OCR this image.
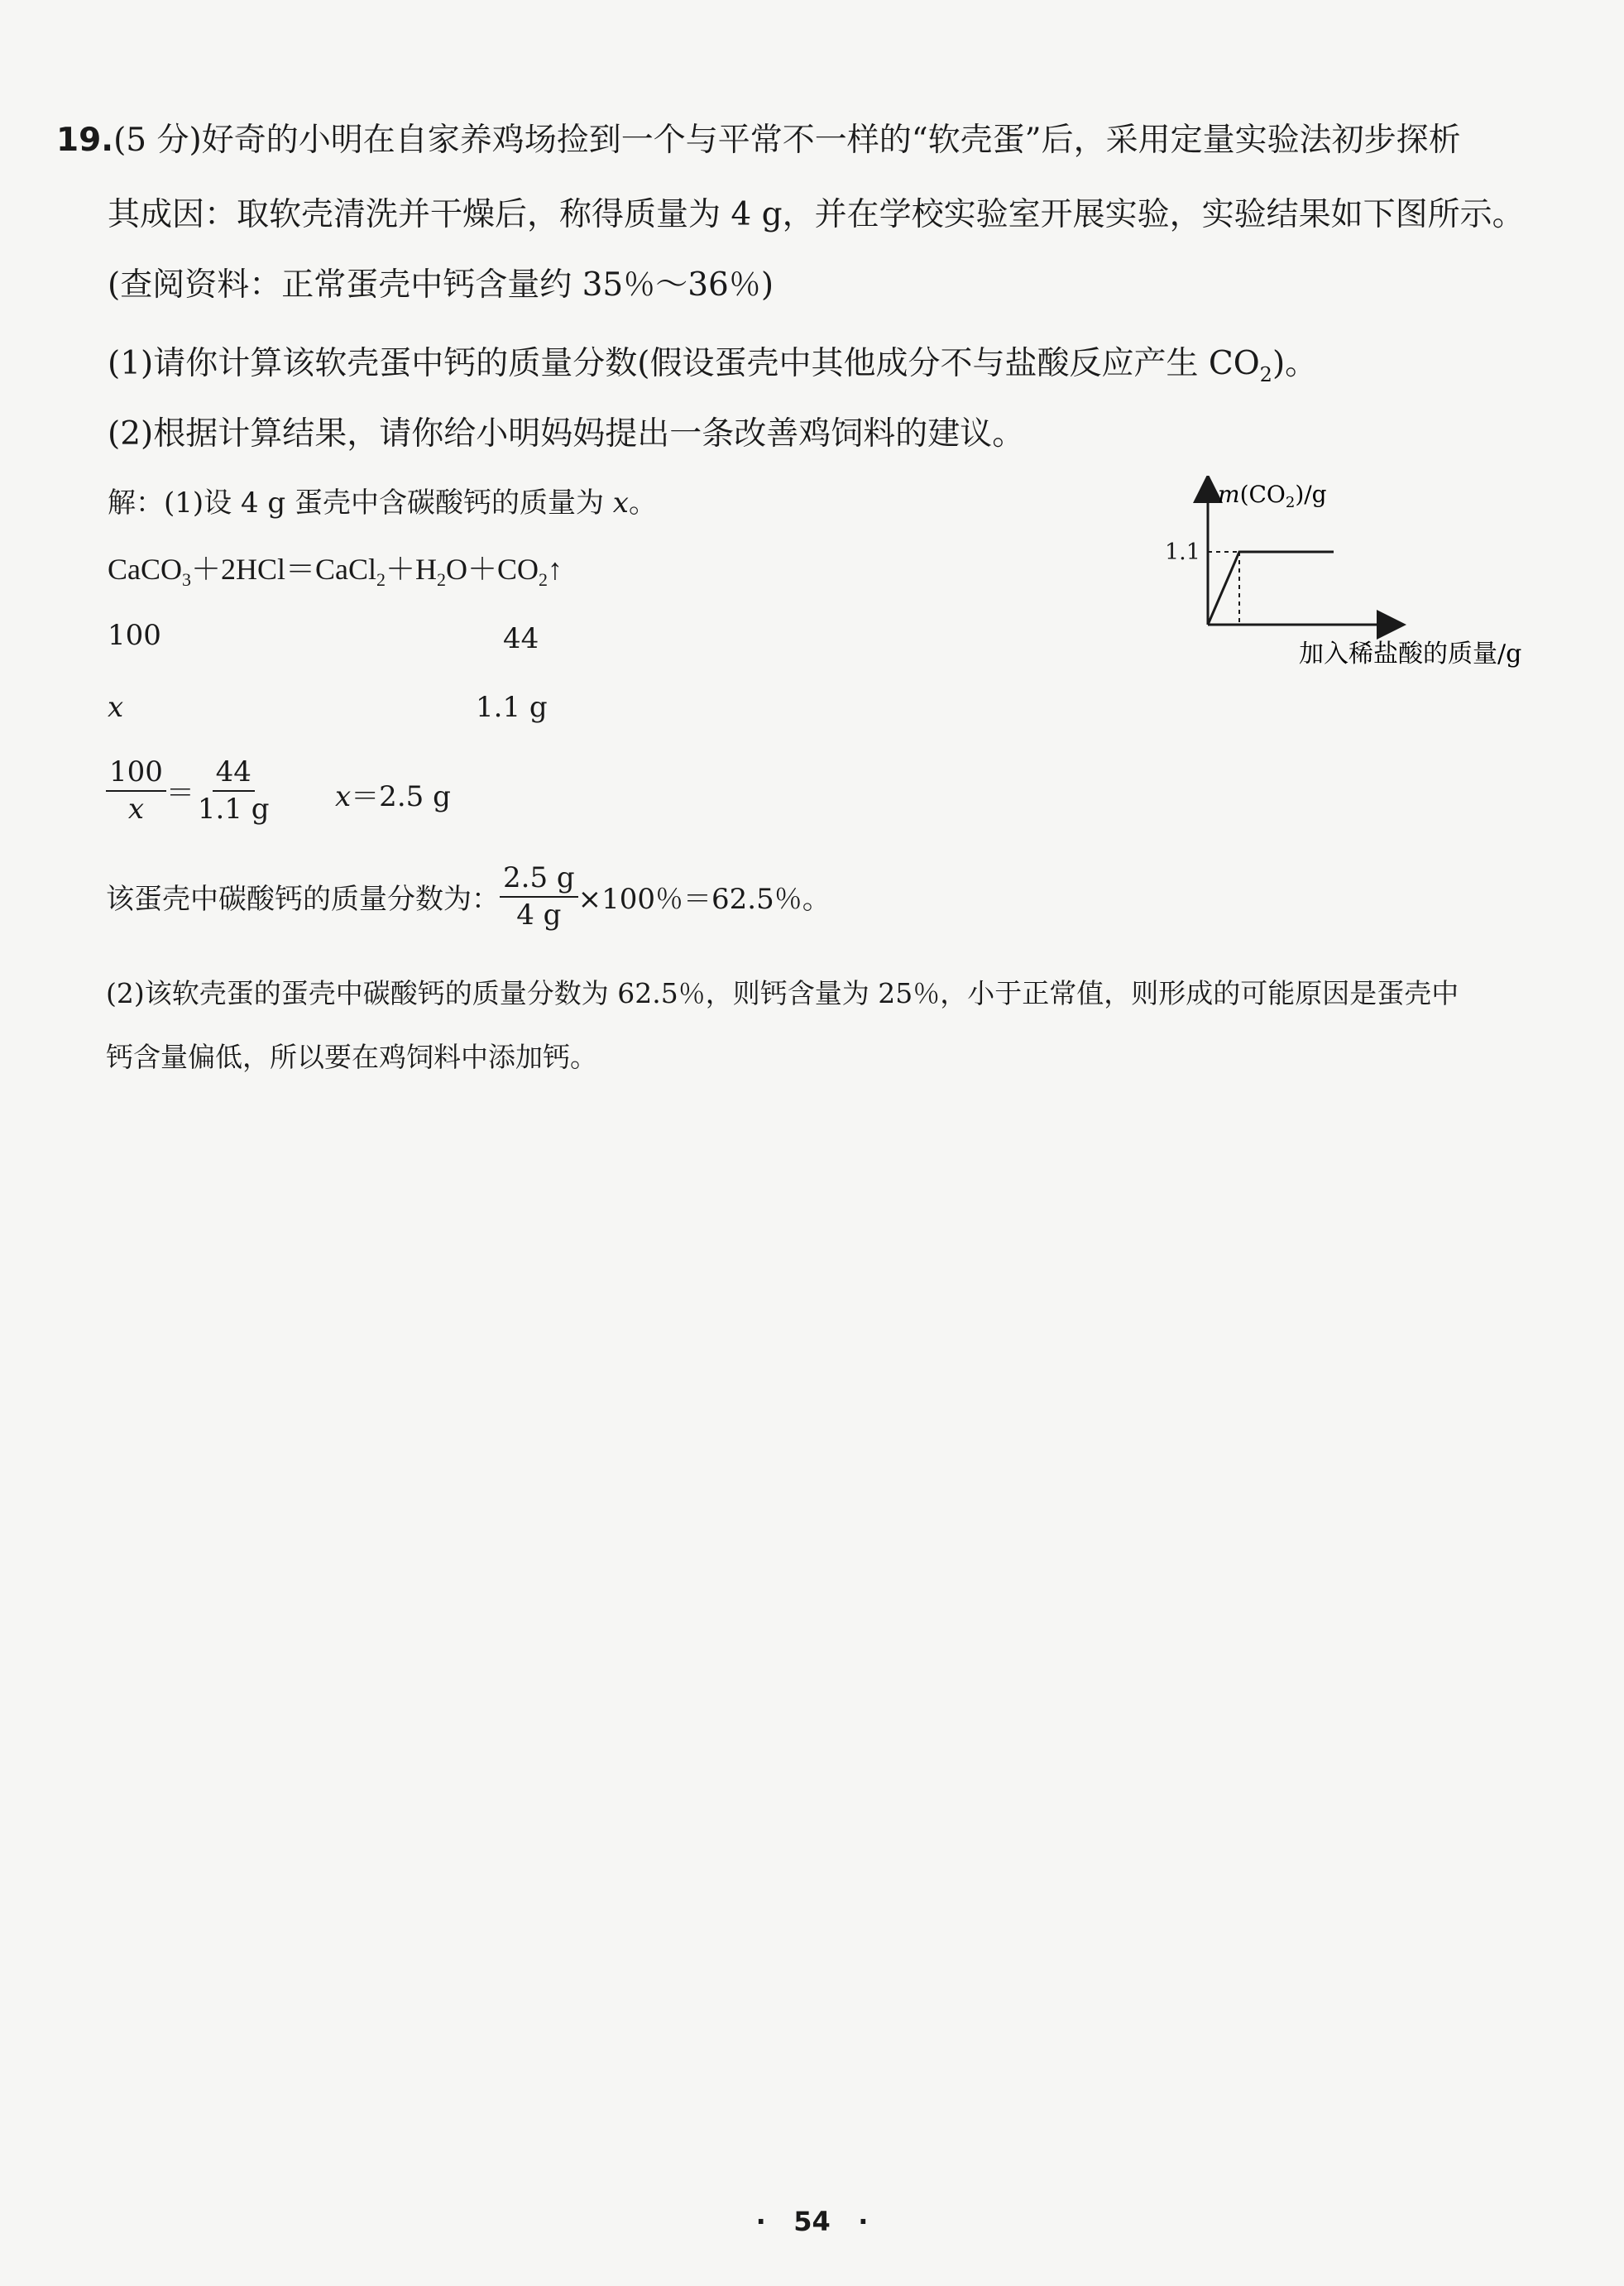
19.(5 分)好奇的小明在自家养鸡场捡到一个与平常不一样的“软壳蛋”后，采用定量实验法初步探析
其成因：取软壳清洗并干燥后，称得质量为 4 g，并在学校实验室开展实验，实验结果如下图所示。
(查阅资料：正常蛋壳中钙含量约 35％～36％)
(1)请你计算该软壳蛋中钙的质量分数(假设蛋壳中其他成分不与盐酸反应产生 $CO_2$)。
(2)根据计算结果，请你给小明妈妈提出一条改善鸡饲料的建议。
解：(1)设 4 g 蛋壳中含碳酸钙的质量为 x。
$CaCO_3+2HCl=CaCl_2+H_2O+CO_2↑$
100	44
x	1.1 g
$\frac{100}{x} = \frac{44}{1.1 g} x=2.5$ g
该蛋壳中碳酸钙的质量分数为： $\frac{2.5 g}{4 g} \times 100$％＝62.5％。
(2)该软壳蛋的蛋壳中碳酸钙的质量分数为 62.5％，则钙含量为 25％，小于正常值，则形成的可能原因是蛋壳中
钙含量偏低，所以要在鸡饲料中添加钙。
1.1
$m(CO_2)/g$
加入稀盐酸的质量/g
· 54 ·
